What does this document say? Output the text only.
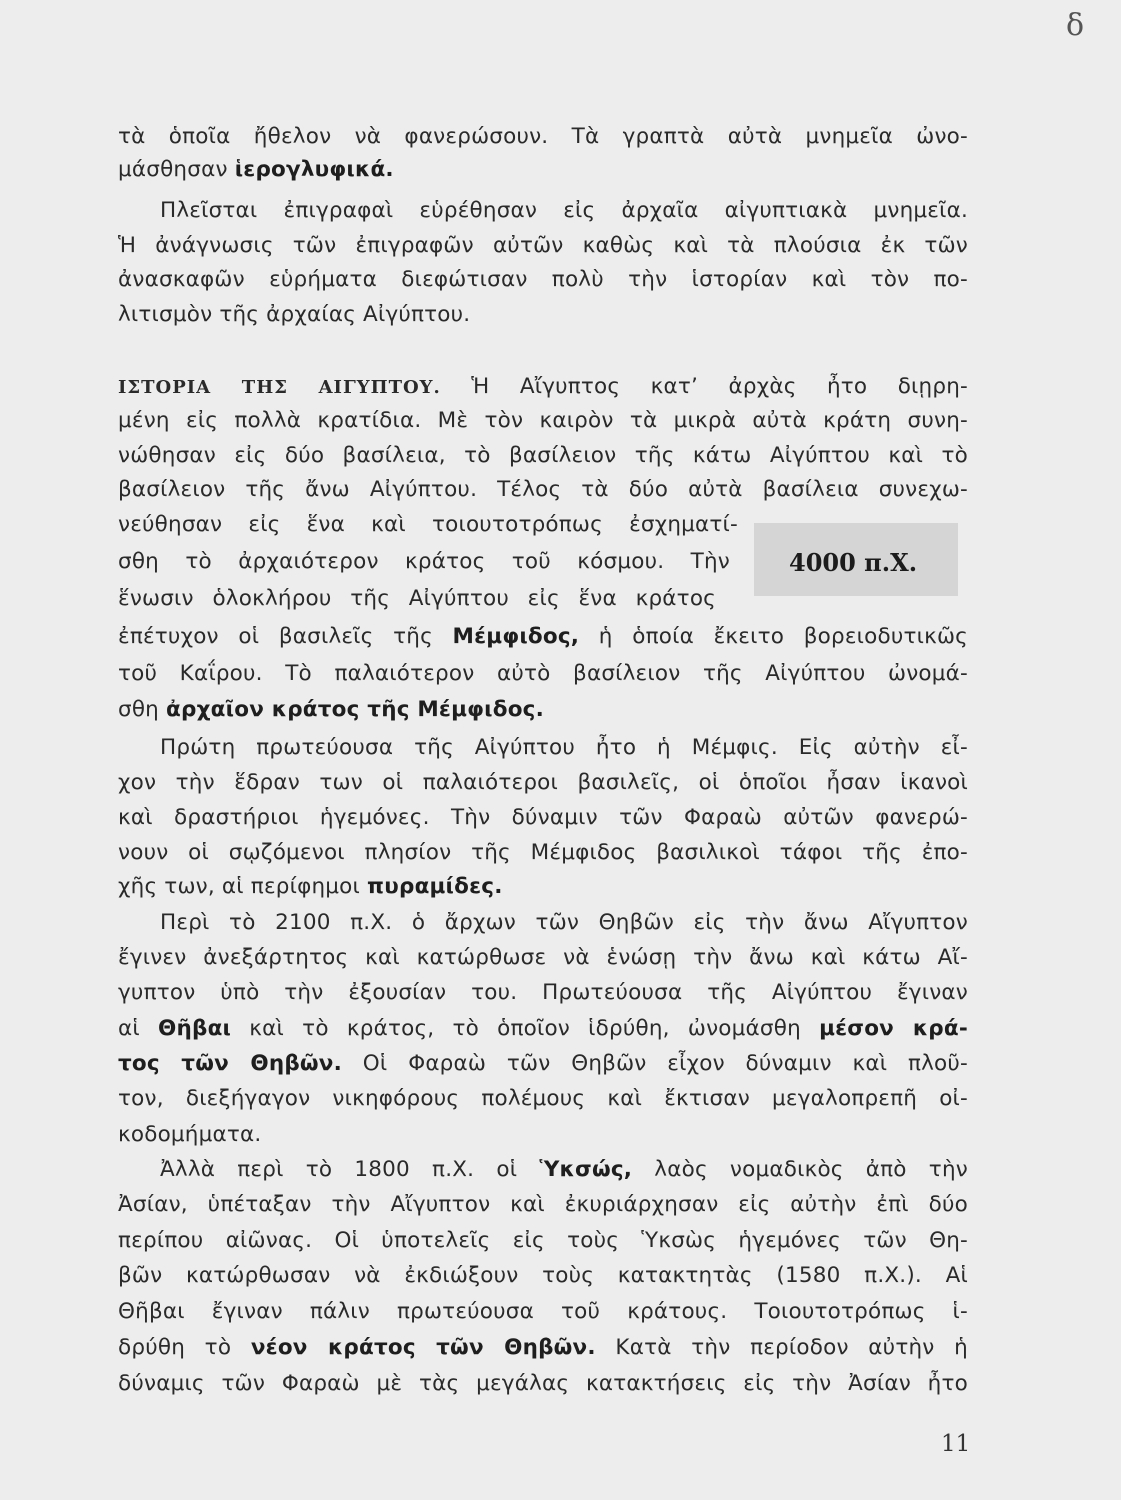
δ
τὰ ὁποῖα ἤθελον νὰ φανερώσουν. Τὰ γραπτὰ αὐτὰ μνημεῖα ὠνο-
μάσθησαν ἱερογλυφικά.
Πλεῖσται ἐπιγραφαὶ εὑρέθησαν εἰς ἀρχαῖα αἰγυπτιακὰ μνημεῖα.
Ἡ ἀνάγνωσις τῶν ἐπιγραφῶν αὐτῶν καθὼς καὶ τὰ πλούσια ἐκ τῶν
ἀνασκαφῶν εὑρήματα διεφώτισαν πολὺ τὴν ἱστορίαν καὶ τὸν πο-
λιτισμὸν τῆς ἀρχαίας Αἰγύπτου.
ΙΣΤΟΡΙΑ ΤΗΣ ΑΙΓΥΠΤΟΥ. Ἡ Αἴγυπτος κατ’ ἀρχὰς ἦτο διῃρη-
μένη εἰς πολλὰ κρατίδια. Μὲ τὸν καιρὸν τὰ μικρὰ αὐτὰ κράτη συνη-
νώθησαν εἰς δύο βασίλεια, τὸ βασίλειον τῆς κάτω Αἰγύπτου καὶ τὸ
βασίλειον τῆς ἄνω Αἰγύπτου. Τέλος τὰ δύο αὐτὰ βασίλεια συνεχω-
νεύθησαν εἰς ἕνα καὶ τοιουτοτρόπως ἐσχηματί-
σθη τὸ ἀρχαιότερον κράτος τοῦ κόσμου. Τὴν
ἕνωσιν ὁλοκλήρου τῆς Αἰγύπτου εἰς ἕνα κράτος
4000 π.Χ.
ἐπέτυχον οἱ βασιλεῖς τῆς Μέμφιδος, ἡ ὁποία ἔκειτο βορειοδυτικῶς
τοῦ Καΐρου. Τὸ παλαιότερον αὐτὸ βασίλειον τῆς Αἰγύπτου ὠνομά-
σθη ἀρχαῖον κράτος τῆς Μέμφιδος.
Πρώτη πρωτεύουσα τῆς Αἰγύπτου ἦτο ἡ Μέμφις. Εἰς αὐτὴν εἶ-
χον τὴν ἕδραν των οἱ παλαιότεροι βασιλεῖς, οἱ ὁποῖοι ἦσαν ἱκανοὶ
καὶ δραστήριοι ἡγεμόνες. Τὴν δύναμιν τῶν Φαραὼ αὐτῶν φανερώ-
νουν οἱ σῳζόμενοι πλησίον τῆς Μέμφιδος βασιλικοὶ τάφοι τῆς ἐπο-
χῆς των, αἱ περίφημοι πυραμίδες.
Περὶ τὸ 2100 π.Χ. ὁ ἄρχων τῶν Θηβῶν εἰς τὴν ἄνω Αἴγυπτον
ἔγινεν ἀνεξάρτητος καὶ κατώρθωσε νὰ ἑνώσῃ τὴν ἄνω καὶ κάτω Αἴ-
γυπτον ὑπὸ τὴν ἐξουσίαν του. Πρωτεύουσα τῆς Αἰγύπτου ἔγιναν
αἱ Θῆβαι καὶ τὸ κράτος, τὸ ὁποῖον ἱδρύθη, ὠνομάσθη μέσον κρά-
τος τῶν Θηβῶν. Οἱ Φαραὼ τῶν Θηβῶν εἶχον δύναμιν καὶ πλοῦ-
τον, διεξήγαγον νικηφόρους πολέμους καὶ ἔκτισαν μεγαλοπρεπῆ οἰ-
κοδομήματα.
Ἀλλὰ περὶ τὸ 1800 π.Χ. οἱ Ὑκσώς, λαὸς νομαδικὸς ἀπὸ τὴν
Ἀσίαν, ὑπέταξαν τὴν Αἴγυπτον καὶ ἐκυριάρχησαν εἰς αὐτὴν ἐπὶ δύο
περίπου αἰῶνας. Οἱ ὑποτελεῖς εἰς τοὺς Ὑκσὼς ἡγεμόνες τῶν Θη-
βῶν κατώρθωσαν νὰ ἐκδιώξουν τοὺς κατακτητὰς (1580 π.Χ.). Αἱ
Θῆβαι ἔγιναν πάλιν πρωτεύουσα τοῦ κράτους. Τοιουτοτρόπως ἱ-
δρύθη τὸ νέον κράτος τῶν Θηβῶν. Κατὰ τὴν περίοδον αὐτὴν ἡ
δύναμις τῶν Φαραὼ μὲ τὰς μεγάλας κατακτήσεις εἰς τὴν Ἀσίαν ἦτο
11
